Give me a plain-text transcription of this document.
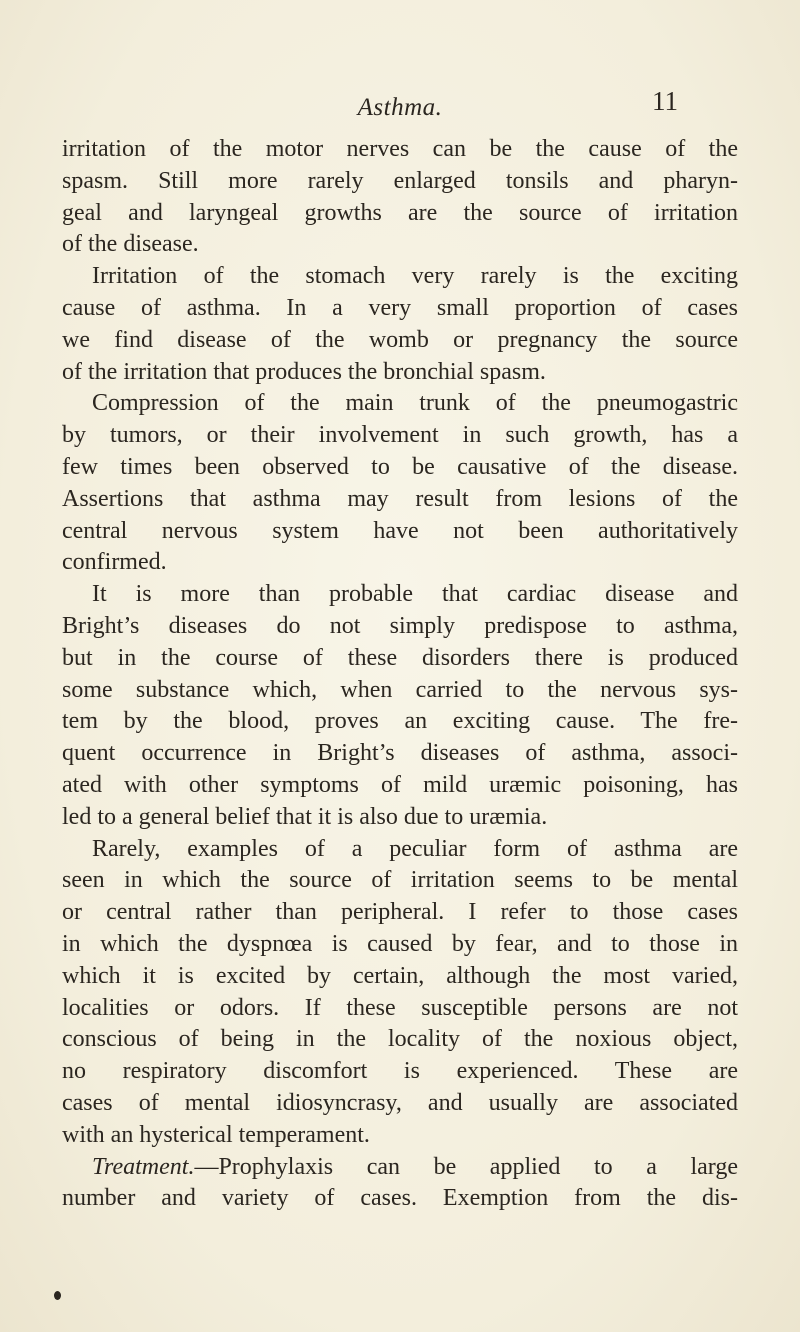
Asthma.	11
irritation of the motor nerves can be the cause of the
spasm. Still more rarely enlarged tonsils and pharyn-
geal and laryngeal growths are the source of irritation
of the disease.
Irritation of the stomach very rarely is the exciting
cause of asthma. In a very small proportion of cases
we find disease of the womb or pregnancy the source
of the irritation that produces the bronchial spasm.
Compression of the main trunk of the pneumogastric
by tumors, or their involvement in such growth, has a
few times been observed to be causative of the disease.
Assertions that asthma may result from lesions of the
central nervous system have not been authoritatively
confirmed.
It is more than probable that cardiac disease and
Bright’s diseases do not simply predispose to asthma,
but in the course of these disorders there is produced
some substance which, when carried to the nervous sys-
tem by the blood, proves an exciting cause. The fre-
quent occurrence in Bright’s diseases of asthma, associ-
ated with other symptoms of mild uræmic poisoning, has
led to a general belief that it is also due to uræmia.
Rarely, examples of a peculiar form of asthma are
seen in which the source of irritation seems to be mental
or central rather than peripheral. I refer to those cases
in which the dyspnœa is caused by fear, and to those in
which it is excited by certain, although the most varied,
localities or odors. If these susceptible persons are not
conscious of being in the locality of the noxious object,
no respiratory discomfort is experienced. These are
cases of mental idiosyncrasy, and usually are associated
with an hysterical temperament.
Treatment.—Prophylaxis can be applied to a large
number and variety of cases. Exemption from the dis-
